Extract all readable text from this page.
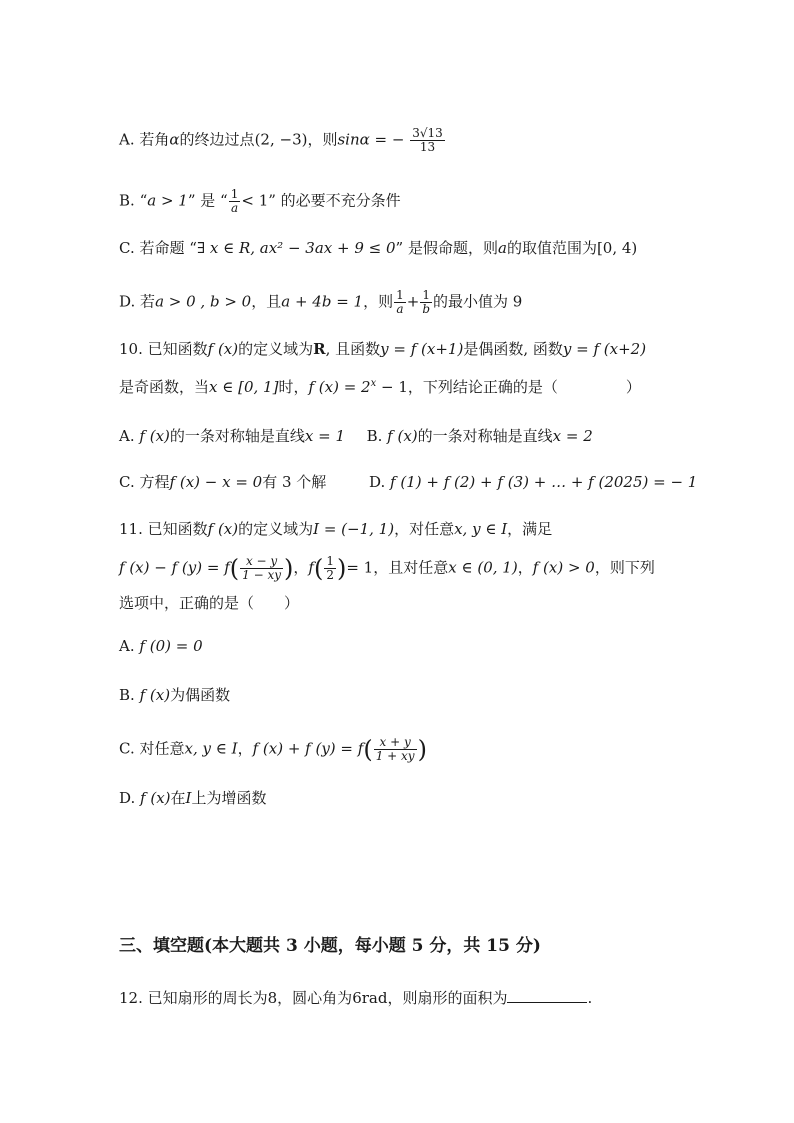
A. 若角α的终边过点(2, −3)，则sinα = − $\frac{3√13}{13}$
B. “a > 1” 是 “ $\frac{1}{a} < 1$” 的必要不充分条件
C. 若命题 “∃ x ∈ R, ax² − 3ax + 9 ≤ 0” 是假命题，则a的取值范围为[0, 4)
D. 若a > 0 , b > 0，且a + 4b = 1，则 $\frac{1}{a} + \frac{1}{b}$ 的最小值为 9
10. 已知函数f (x)的定义域为R, 且函数y = f (x+1)是偶函数, 函数y = f (x+2)
是奇函数，当x ∈ [0, 1]时，f $(x) = 2^x - 1$，下列结论正确的是（	）
A. f (x)的一条对称轴是直线x = 1 B. f (x)的一条对称轴是直线x = 2
C. 方程f (x) − x = 0有 3 个解	D. f (1) + f (2) + f (3) + … + f (2025) = − 1
11. 已知函数f (x)的定义域为I = (−1, 1)，对任意x, y ∈ I，满足
f (x) − f $(y) = f( \frac{x - y}{1 - xy}$ )，$f( \frac{1}{2}$ )= 1，且对任意x ∈ (0, 1)，f (x) > 0，则下列
选项中，正确的是（　　）
A. f (0) = 0
B. f (x)为偶函数
C. 对任意x, y ∈ I，f (x) + f $(y) = f( \frac{x + y}{1 + xy}$ )
D. f (x)在I上为增函数
三、填空题(本大题共 3 小题，每小题 5 分，共 15 分)
12. 已知扇形的周长为8，圆心角为6rad，则扇形的面积为	.
